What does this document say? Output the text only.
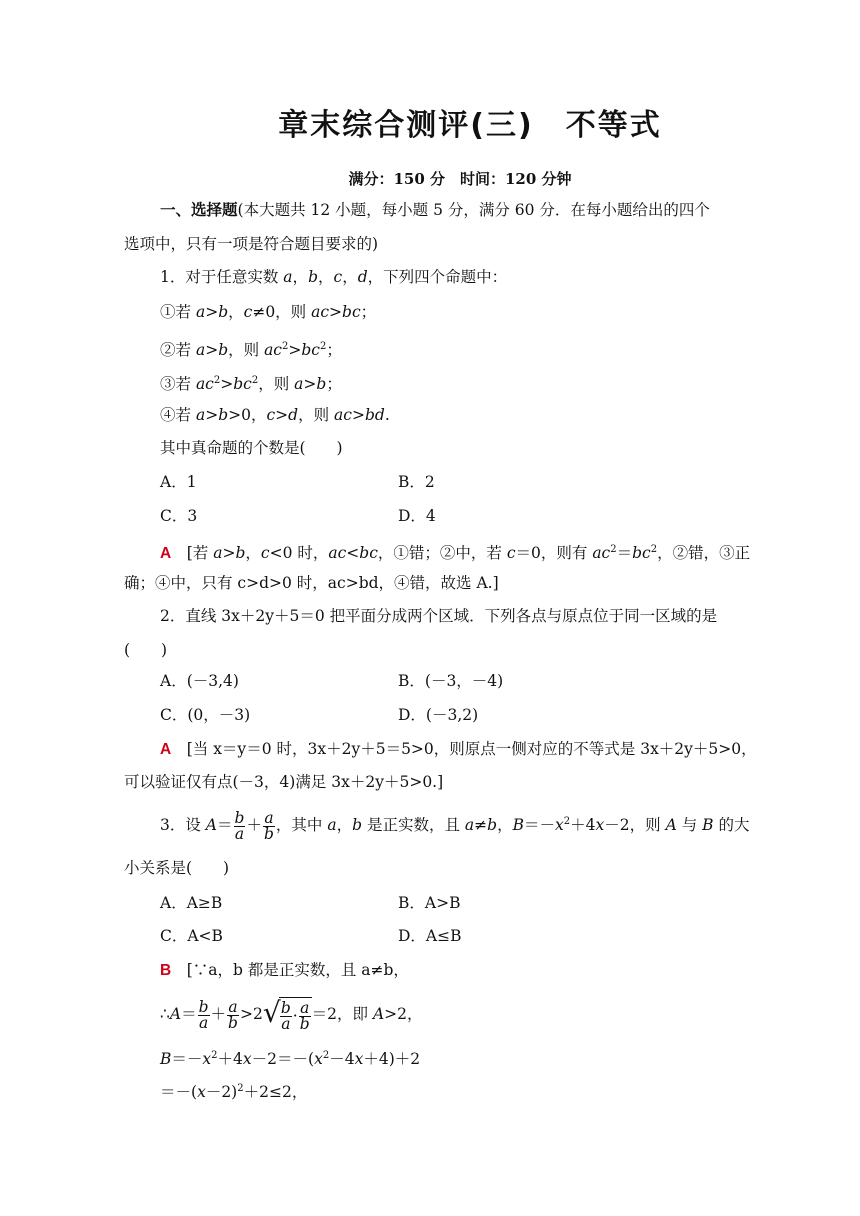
章末综合测评(三)　不等式
满分：150 分　时间：120 分钟
一、选择题(本大题共 12 小题，每小题 5 分，满分 60 分．在每小题给出的四个
选项中，只有一项是符合题目要求的)
1．对于任意实数 a，b，c，d，下列四个命题中：
①若 a>b，c≠0，则 ac>bc；
②若 a>b，则 $ac^2>bc^2$；
③若 $ac^2>bc^2$，则 a>b；
④若 a>b>0，c>d，则 ac>bd.
其中真命题的个数是(　　)
A．1	B．2
C．3	D．4
A　[若 a>b，c<0 时，ac<bc，①错；②中，若 c＝0，则有 $ac^2=bc^2$，②错，③正
确；④中，只有 c>d>0 时，ac>bd，④错，故选 A.]
2．直线 3x＋2y＋5＝0 把平面分成两个区域．下列各点与原点位于同一区域的是
(　　)
A．(－3,4)	B．(－3，－4)
C．(0，－3)	D．(－3,2)
A　 [当 x＝y＝0 时，3x＋2y＋5＝5>0，则原点一侧对应的不等式是 3x＋2y＋5>0，
可以验证仅有点(－3，4)满足 3x＋2y＋5>0.]
3．设 $A= \frac{b}{a} + \frac{a}{b}$ ，其中 a，b 是正实数，且 a≠b，$B=-x^2+4x-2$，则 A 与 B 的大
小关系是(　　)
A．A≥B	B．A>B
C．A<B	D．A≤B
B　 [∵a，b 都是正实数，且 a≠b，
∴A＝ $\frac{b}{a} + \frac{a}{b} >2$ √ $\frac{b}{a} \cdot \frac{a}{b} =2$，即 A>2，
$B=-x^2+4x-2=-(x^2-4x+4)+2$
$=-(x-2)^2+2\le 2$，
